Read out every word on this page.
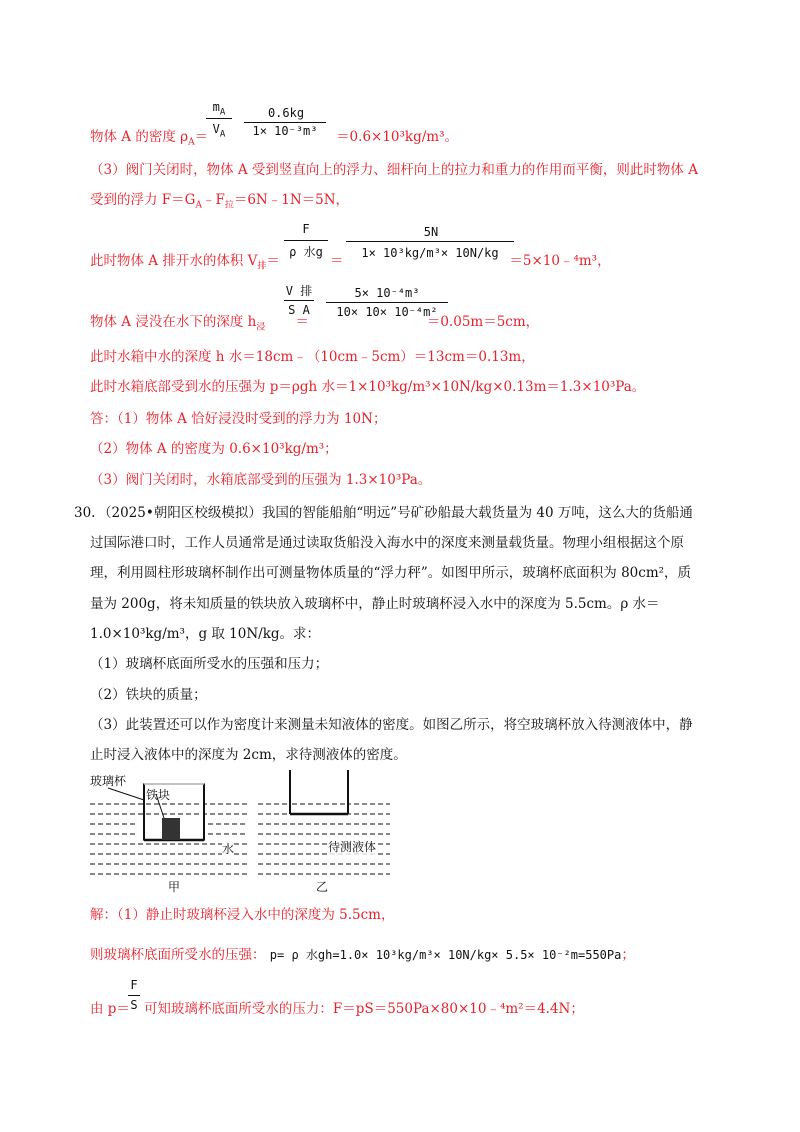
$m_A$
$V_A$
0.6kg
1× 10⁻³m³
物体 A 的密度 $\rho_A=$	＝0.6×10³kg/m³。
（3）阀门关闭时，物体 A 受到竖直向上的浮力、细杆向上的拉力和重力的作用而平衡，则此时物体 A
受到的浮力 $F=G_A﹣F_拉=6N﹣1N=5N$，
F
ρ 水g
5N
1× 10³kg/m³× 10N/kg
此时物体 A 排开水的体积 $V_排=$	＝	＝5×10﹣⁴m³，
V 排
S A
5× 10⁻⁴m³
10× 10× 10⁻⁴m²
物体 A 浸没在水下的深度 $h_浸$ ＝	＝0.05m＝5cm，
此时水箱中水的深度 h 水＝18cm﹣（10cm﹣5cm）＝13cm＝0.13m，
此时水箱底部受到水的压强为 p＝ρgh 水＝1×10³kg/m³×10N/kg×0.13m＝1.3×10³Pa。
答：（1）物体 A 恰好浸没时受到的浮力为 10N；
（2）物体 A 的密度为 0.6×10³kg/m³；
（3）阀门关闭时，水箱底部受到的压强为 1.3×10³Pa。
30. （2025•朝阳区校级模拟）我国的智能船舶“明远”号矿砂船最大载货量为 40 万吨，这么大的货船通
过国际港口时，工作人员通常是通过读取货船没入海水中的深度来测量载货量。物理小组根据这个原
理，利用圆柱形玻璃杯制作出可测量物体质量的“浮力秤”。如图甲所示，玻璃杯底面积为 80cm²，质
量为 200g，将未知质量的铁块放入玻璃杯中，静止时玻璃杯浸入水中的深度为 5.5cm。ρ 水＝
1.0×10³kg/m³，g 取 10N/kg。求：
（1）玻璃杯底面所受水的压强和压力；
（2）铁块的质量；
（3）此装置还可以作为密度计来测量未知液体的密度。如图乙所示，将空玻璃杯放入待测液体中，静
止时浸入液体中的深度为 2cm，求待测液体的密度。
玻璃杯
铁块
水
甲
待测液体
乙
解：（1）静止时玻璃杯浸入水中的深度为 5.5cm，
则玻璃杯底面所受水的压强： p= ρ 水gh=1.0× 10³kg/m³× 10N/kg× 5.5× 10⁻²m=550Pa；
F
S
由 p＝ 可知玻璃杯底面所受水的压力：F＝pS＝550Pa×80×10﹣⁴m²＝4.4N；
